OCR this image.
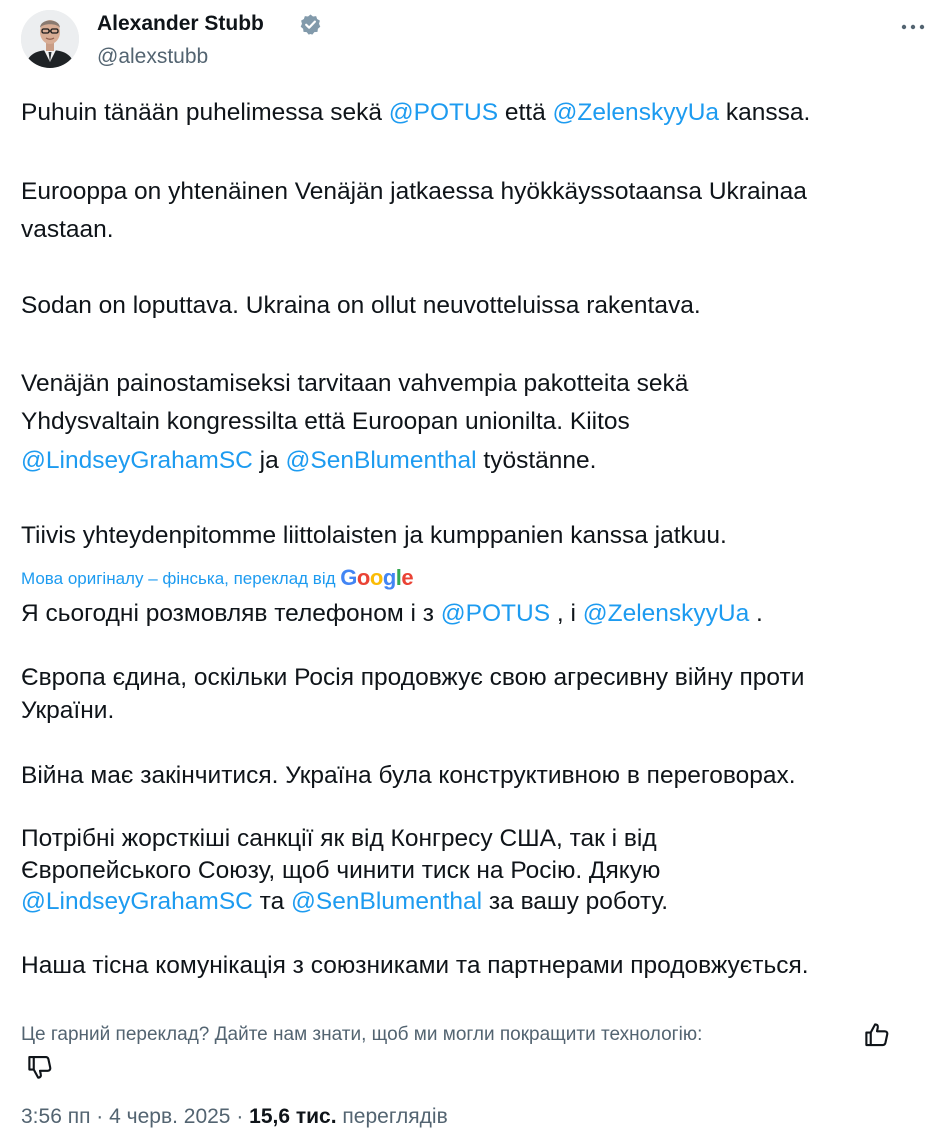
Alexander Stubb
@alexstubb
Puhuin tänään puhelimessa sekä @POTUS että @ZelenskyyUa kanssa.
Eurooppa on yhtenäinen Venäjän jatkaessa hyökkäyssotaansa Ukrainaa
vastaan.
Sodan on loputtava. Ukraina on ollut neuvotteluissa rakentava.
Venäjän painostamiseksi tarvitaan vahvempia pakotteita sekä
Yhdysvaltain kongressilta että Euroopan unionilta. Kiitos
@LindseyGrahamSC ja @SenBlumenthal työstänne.
Tiivis yhteydenpitomme liittolaisten ja kumppanien kanssa jatkuu.
Мова оригіналу – фінська, переклад від Google
Я сьогодні розмовляв телефоном і з @POTUS , і @ZelenskyyUa .
Європа єдина, оскільки Росія продовжує свою агресивну війну проти
України.
Війна має закінчитися. Україна була конструктивною в переговорах.
Потрібні жорсткіші санкції як від Конгресу США, так і від
Європейського Союзу, щоб чинити тиск на Росію. Дякую
@LindseyGrahamSC та @SenBlumenthal за вашу роботу.
Наша тісна комунікація з союзниками та партнерами продовжується.
Це гарний переклад? Дайте нам знати, щоб ми могли покращити технологію:
3:56 пп · 4 черв. 2025 · 15,6 тис. переглядів
